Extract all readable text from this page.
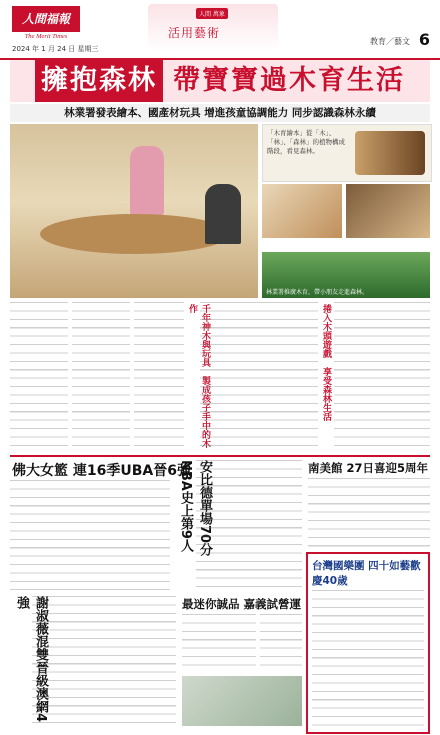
人間福報
The Merit Times
2024 年 1 月 24 日 星期三
人間 萬象
活用藝術
教育／藝文 6
擁抱森林 帶寶寶過木育生活
林業署發表繪本、國產材玩具 增進孩童協調能力 同步認識森林永續
「木育繪本」從「木」、「林」、「森林」的植物構成階段，看見森林。
林業署推廣木育，帶小朋友走進森林。
千年神木與玩具　製成孩子手中的木作	捲入木頭遊戲　享受森林生活
佛大女籃 連16季UBA晉6強 安比德單場70分 NBA史上第9人	南美館 27日喜迎5周年
謝淑薇混雙晉級澳網4強	最迷你誠品 嘉義試營運
台灣國樂團 四十如藝歡慶40歲
